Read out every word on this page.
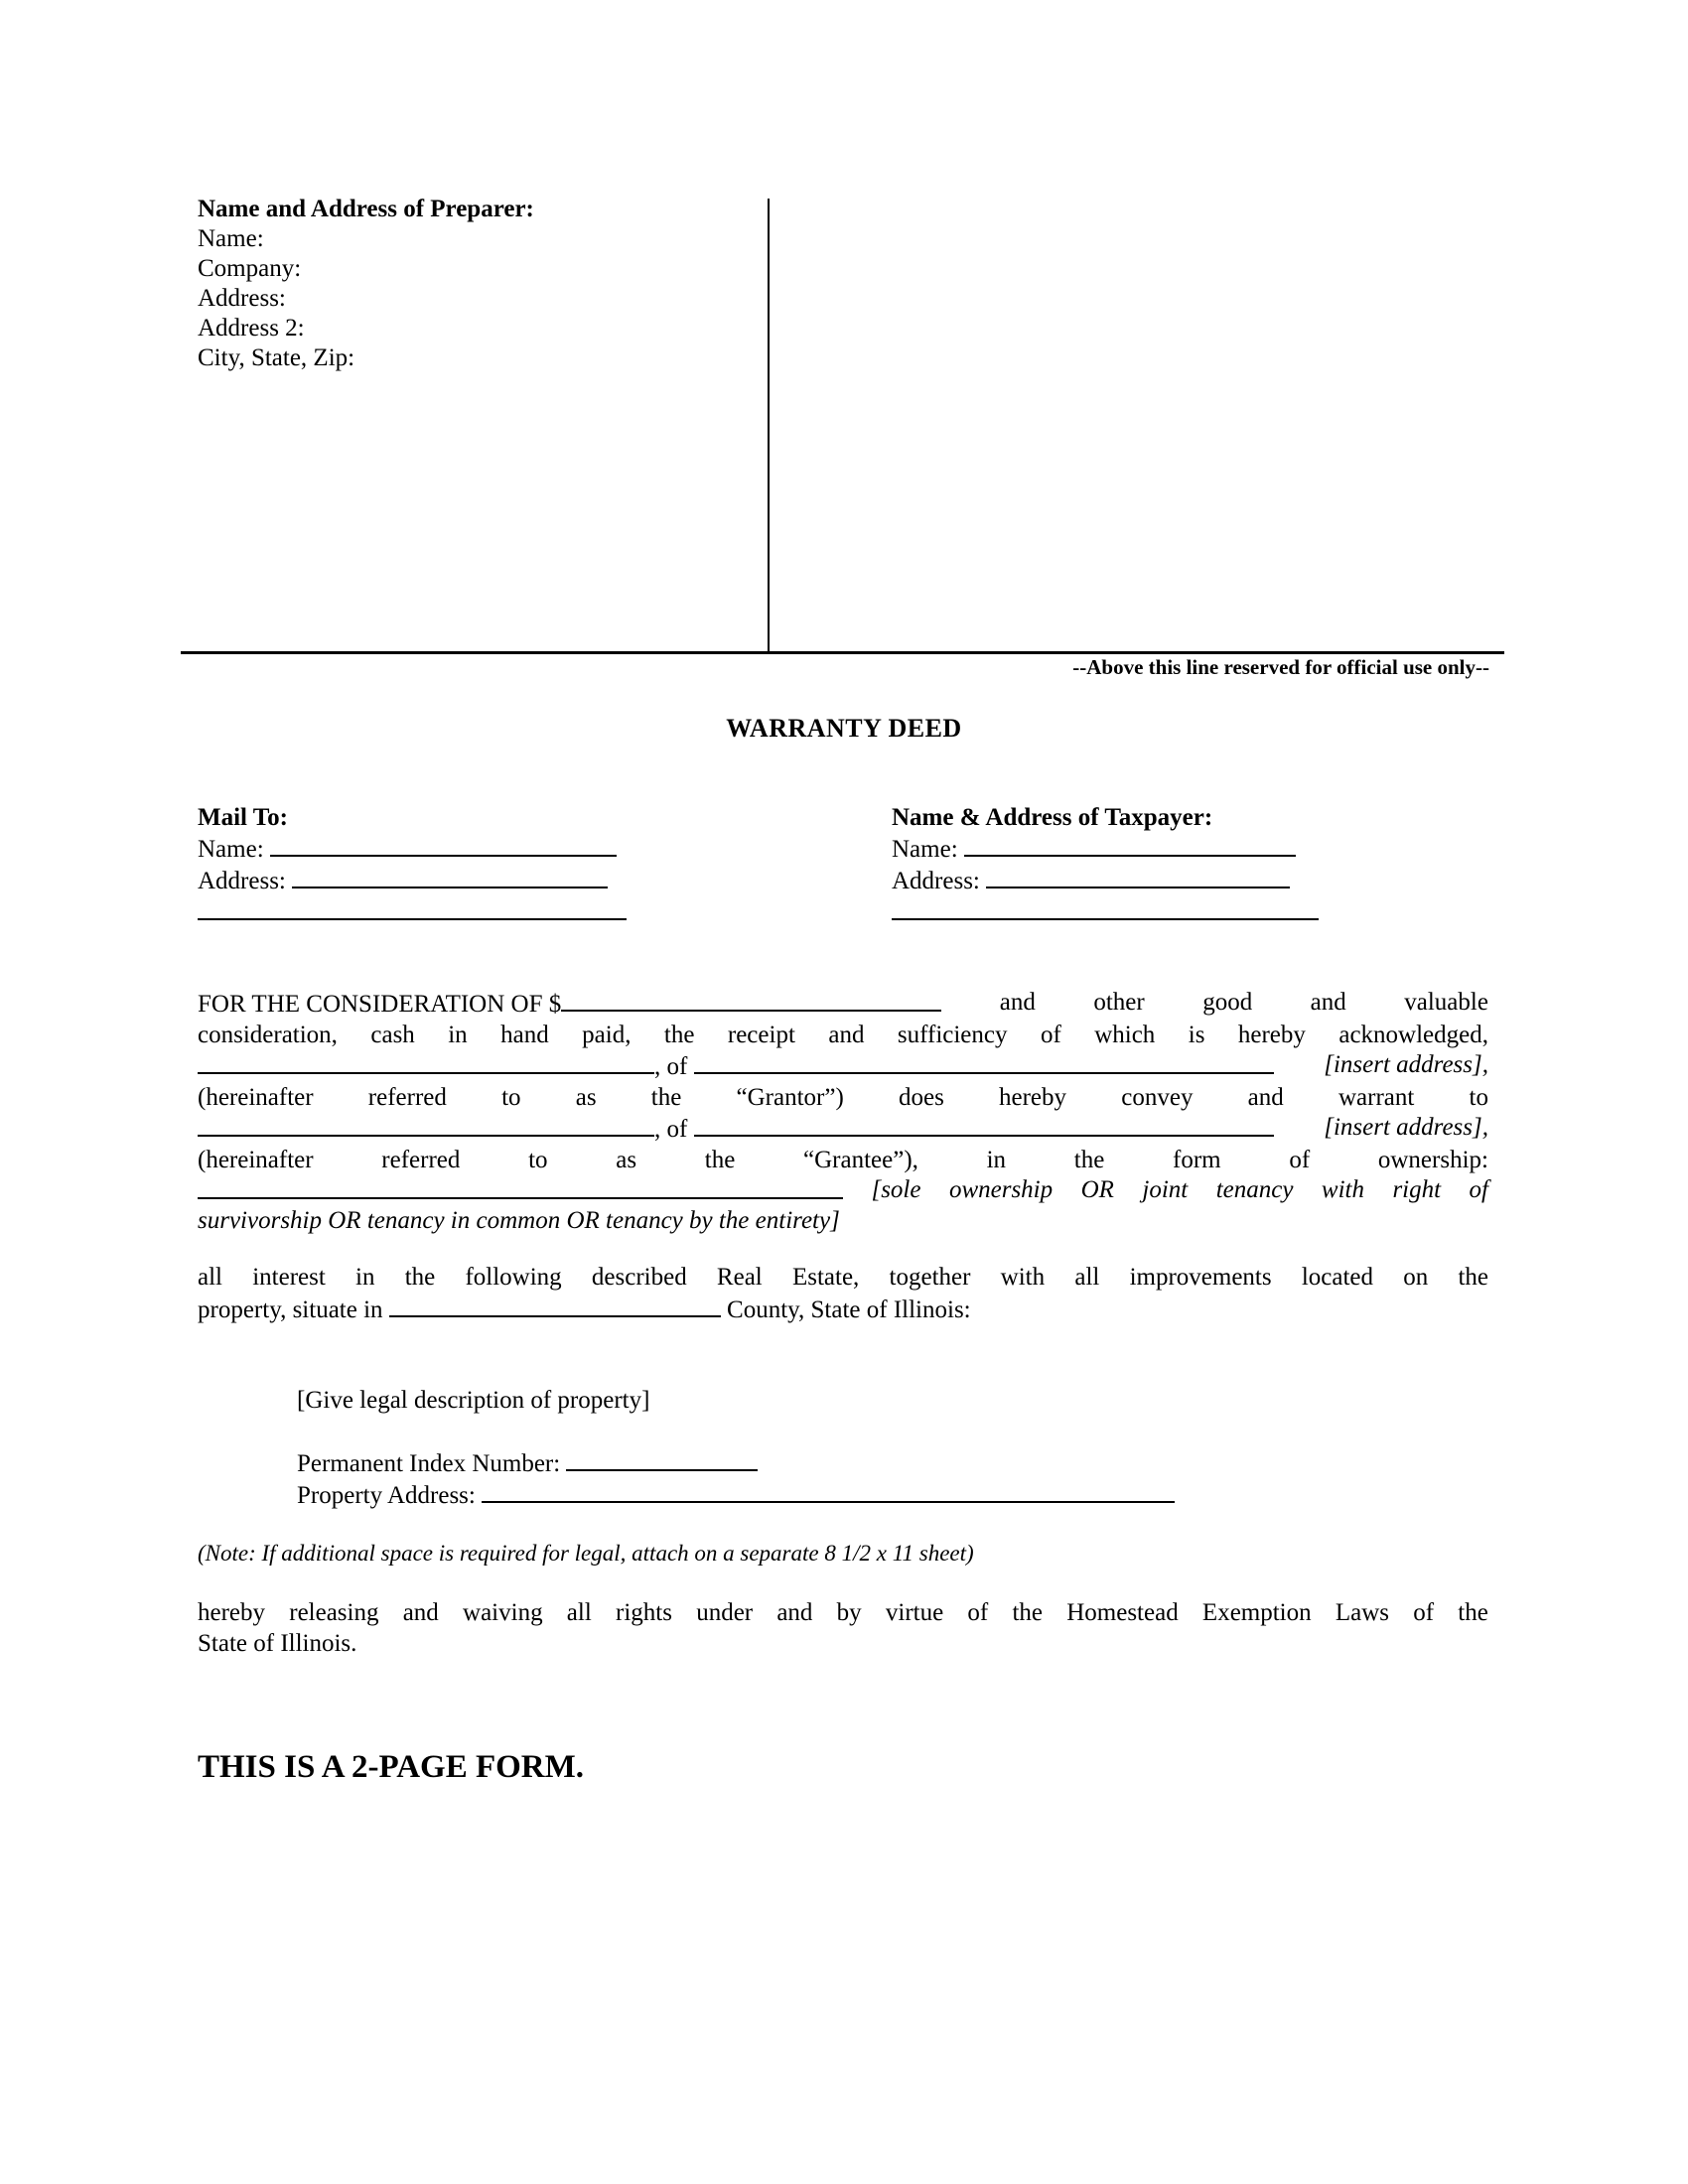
Name and Address of Preparer:
Name:
Company:
Address:
Address 2:
City, State, Zip:
--Above this line reserved for official use only--
WARRANTY DEED
Mail To:
Name:
Address:
Name & Address of Taxpayer:
Name:
Address:
FOR THE CONSIDERATION OF $	and other good and valuable
consideration, cash in hand paid, the receipt and sufficiency of which is hereby acknowledged,
, of	[insert address],
(hereinafter referred to as the “Grantor”) does hereby convey and warrant to
, of	[insert address],
(hereinafter	referred	to	as	the	“Grantee”),	in	the	form	of	ownership:
[sole ownership OR joint tenancy with right of
survivorship OR tenancy in common OR tenancy by the entirety]
all interest in the following described Real Estate, together with all improvements located on the
property, situate in	County, State of Illinois:
[Give legal description of property]
Permanent Index Number:
Property Address:
(Note: If additional space is required for legal, attach on a separate 8 1/2 x 11 sheet)
hereby releasing and waiving all rights under and by virtue of the Homestead Exemption Laws of the
State of Illinois.
THIS IS A 2-PAGE FORM.
